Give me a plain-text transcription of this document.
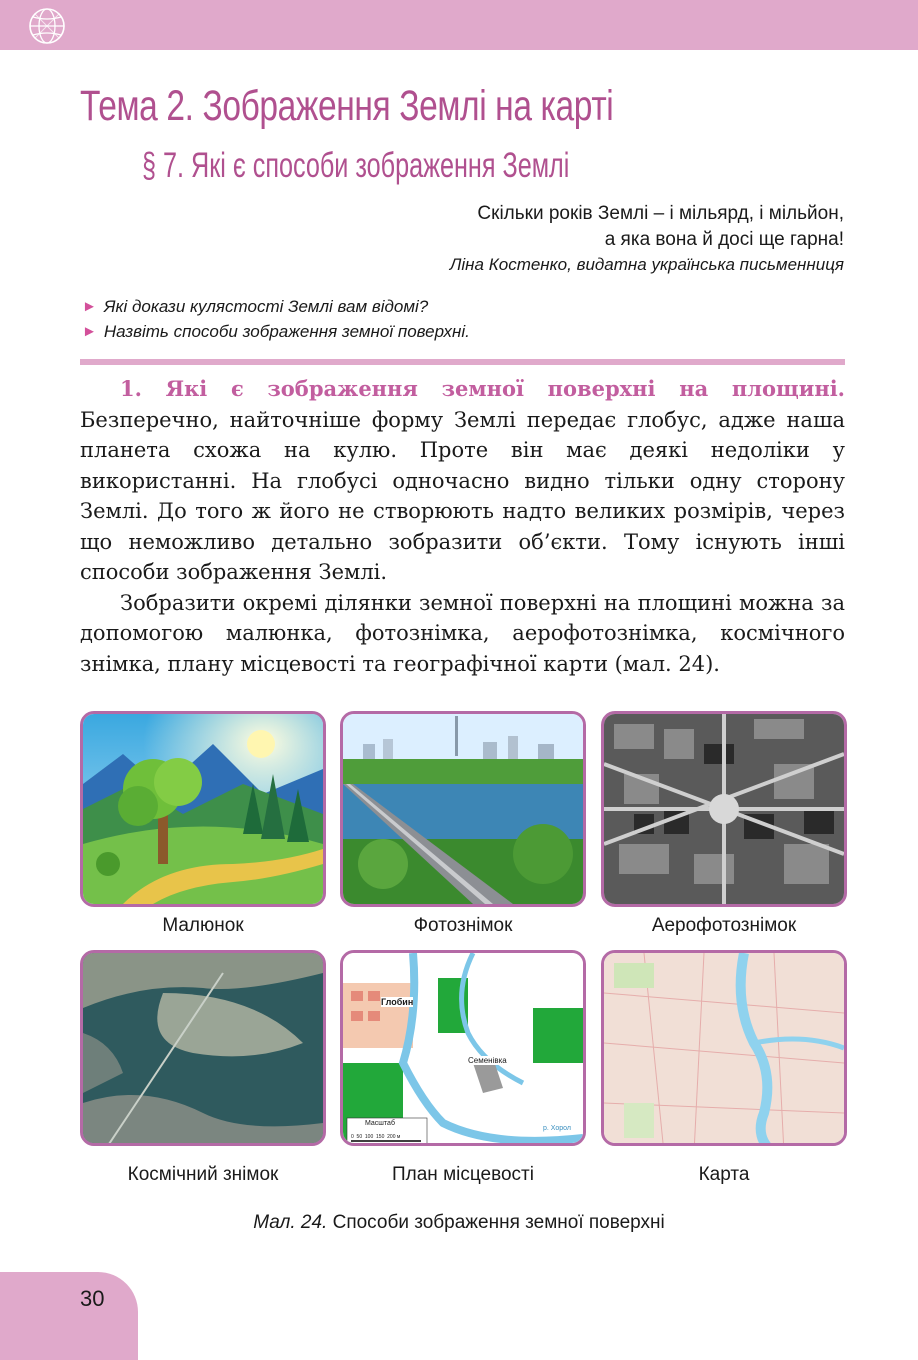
Тема 2. Зображення Землі на карті
§ 7. Які є способи зображення Землі
Скільки років Землі – і мільярд, і мільйон,
а яка вона й досі ще гарна!
Ліна Костенко, видатна українська письменниця
► Які докази кулястості Землі вам відомі?
► Назвіть способи зображення земної поверхні.

1. Які є зображення земної поверхні на площині. Безперечно, найточніше форму Землі передає глобус, адже наша планета схожа на кулю. Проте він має деякі недоліки у використанні. На глобусі одночасно видно тільки одну сторону Землі. До того ж його не створюють надто великих розмірів, через що неможливо детально зобразити об’єкти. Тому існують інші способи зображення Землі.

Зобразити окремі ділянки земної поверхні на площині можна за допомогою малюнка, фотознімка, аерофотознімка, космічного знімка, плану місцевості та географічної карти (мал. 24).

Малюнок	Фотознімок	Аерофотознімок
Глобин
Семенівка
Масштаб
0  50  100  150  200 м
р. Хорол
Космічний знімок	План місцевості	Карта
Мал. 24. Способи зображення земної поверхні
30
